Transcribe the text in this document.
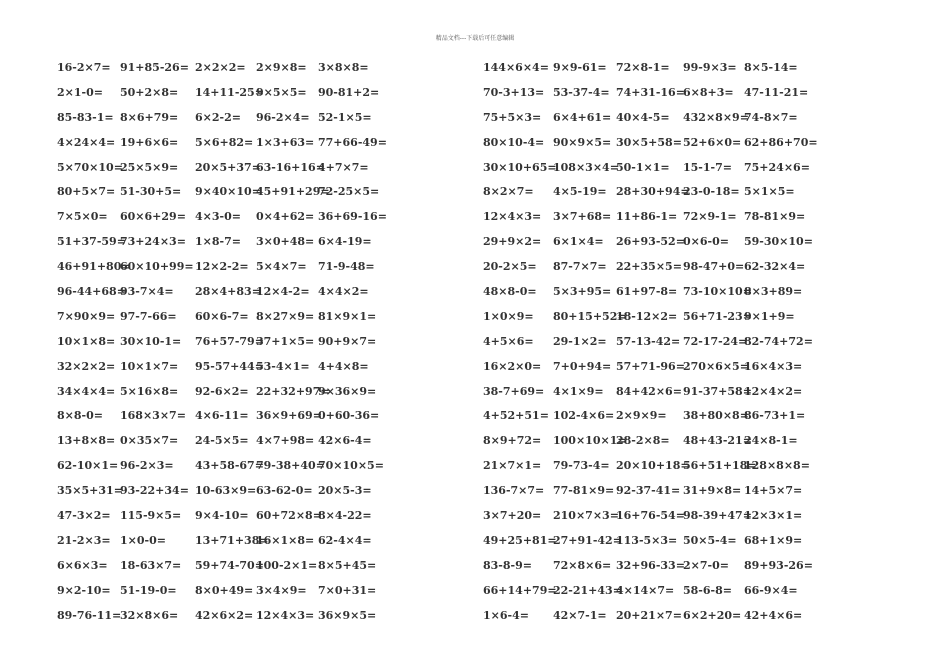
精品文档---下载后可任意编辑
16-2×7= 91+85-26= 2×2×2= 2×9×8= 3×8×8=
2×1-0= 50+2×8= 14+11-25=
9×5×5= 90-81+2=
85-83-1= 8×6+79= 6×2-2= 96-2×4= 52-1×5=
4×24×4= 19+6×6= 5×6+82= 1×3+63= 77+66-49=
5×70×10=
25×5×9= 20×5+37=
63-16+16=
4+7×7=
80+5×7= 51-30+5= 9×40×10=
45+91+29=
72-25×5=
7×5×0= 60×6+29= 4×3-0= 0×4+62= 36+69-16=
51+37-59=
73+24×3= 1×8-7= 3×0+48= 6×4-19=
46+91+80=
60×10+99= 12×2-2= 5×4×7= 71-9-48=
96-44+68=
93-7×4= 28×4+83=
12×4-2= 4×4×2=
7×90×9= 97-7-66= 60×6-7= 8×27×9= 81×9×1=
10×1×8= 30×10-1= 76+57-79=
37+1×5= 90+9×7=
32×2×2= 10×1×7= 95-57+44=
53-4×1= 4+4×8=
34×4×4= 5×16×8= 92-6×2= 22+32+97=
9×36×9=
8×8-0= 168×3×7= 4×6-11= 36×9+69=
0+60-36=
13+8×8= 0×35×7= 24-5×5= 4×7+98= 42×6-4=
62-10×1= 96-2×3= 43+58-67=
79-38+40=
70×10×5=
35×5+31=
93-22+34= 10-63×9= 63-62-0= 20×5-3=
47-3×2= 115-9×5= 9×4-10= 60+72×8=
8×4-22=
21-2×3= 1×0-0=	13+71+38=
16×1×8= 62-4×4=
6×6×3= 18-63×7= 59+74-70=
100-2×1= 8×5+45=
9×2-10= 51-19-0= 8×0+49= 3×4×9= 7×0+31=
89-76-11=
32×8×6= 42×6×2= 12×4×3= 36×9×5=
144×6×4= 9×9-61= 72×8-1= 99-9×3= 8×5-14=
70-3+13= 53-37-4= 74+31-16=
6×8+3= 47-11-21=
75+5×3= 6×4+61= 40×4-5= 432×8×9=
74-8×7=
80×10-4= 90×9×5= 30×5+58= 52+6×0= 62+86+70=
30×10+65=
108×3×4=
50-1×1= 15-1-7= 75+24×6=
8×2×7= 4×5-19= 28+30+94=
23-0-18= 5×1×5=
12×4×3= 3×7+68= 11+86-1= 72×9-1= 78-81×9=
29+9×2= 6×1×4= 26+93-52=
0×6-0= 59-30×10=
20-2×5= 87-7×7= 22+35×5= 98-47+0= 62-32×4=
48×8-0= 5×3+95= 61+97-8= 73-10×10=
8×3+89=
1×0×9= 80+15+52=
18-12×2= 56+71-23=
9×1+9=
4+5×6= 29-1×2= 57-13-42= 72-17-24=
82-74+72=
16×2×0= 7+0+94= 57+71-96=
270×6×5=
16×4×3=
38-7+69= 4×1×9= 84+42×6= 91-37+58=
12×4×2=
4+52+51= 102-4×6= 2×9×9= 38+80×8=
86-73+1=
8×9+72= 100×10×1=
28-2×8= 48+43-21=
24×8-1=
21×7×1= 79-73-4= 20×10+18=
56+51+18=
128×8×8=
136-7×7= 77-81×9= 92-37-41= 31+9×8= 14+5×7=
3×7+20= 210×7×3=
16+76-54=
98-39+47=
12×3×1=
49+25+81=
27+91-42=
113-5×3= 50×5-4= 68+1×9=
83-8-9= 72×8×6= 32+96-33=
2×7-0= 89+93-26=
66+14+79=
22-21+43=
4×14×7= 58-6-8= 66-9×4=
1×6-4= 42×7-1= 20+21×7= 6×2+20= 42+4×6=
